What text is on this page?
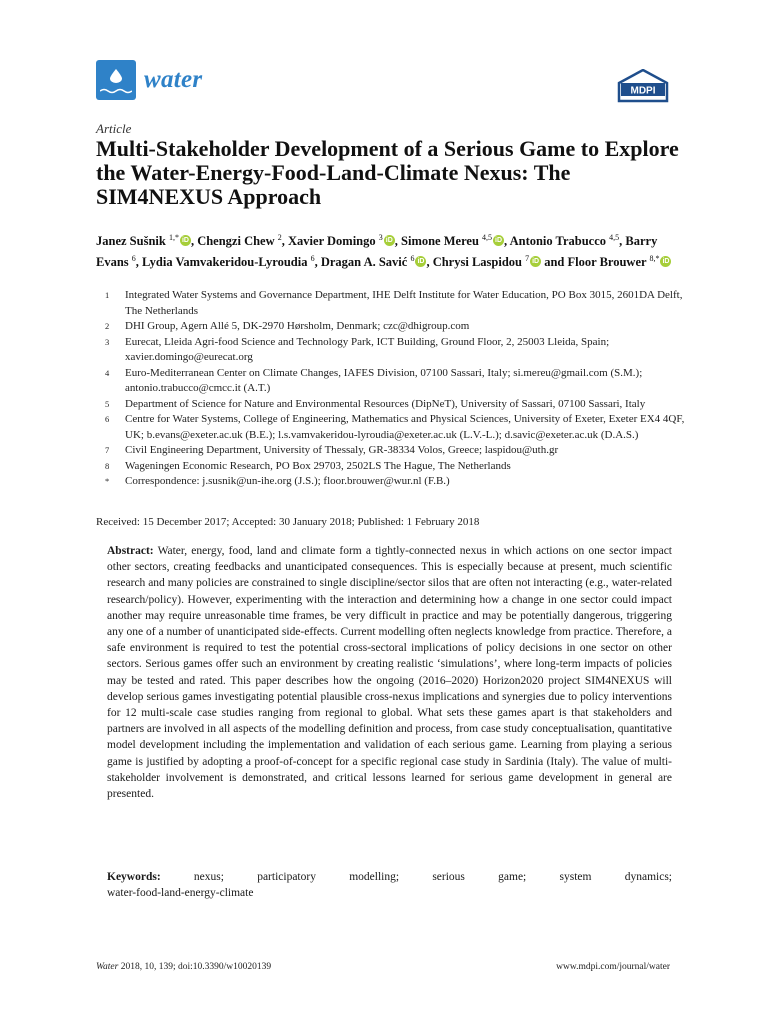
water	MDPI
Article
Multi-Stakeholder Development of a Serious Game to Explore the Water-Energy-Food-Land-Climate Nexus: The SIM4NEXUS Approach
Janez Sušnik $^{1,*}$ iD , Chengzi Chew $^2$, Xavier Domingo $^3$ iD , Simone Mereu $^{4,5}$ iD , Antonio Trabucco $^{4,5}$, Barry Evans $^6$, Lydia Vamvakeridou-Lyroudia $^6$, Dragan A. Savić $^6$ iD , Chrysi Laspidou $^7$ iD and Floor Brouwer $^{8,*}$ iD
1	Integrated Water Systems and Governance Department, IHE Delft Institute for Water Education, PO Box 3015, 2601DA Delft, The Netherlands
2	DHI Group, Agern Allé 5, DK-2970 Hørsholm, Denmark; czc@dhigroup.com
3	Eurecat, Lleida Agri-food Science and Technology Park, ICT Building, Ground Floor, 2, 25003 Lleida, Spain; xavier.domingo@eurecat.org
4	Euro-Mediterranean Center on Climate Changes, IAFES Division, 07100 Sassari, Italy; si.mereu@gmail.com (S.M.); antonio.trabucco@cmcc.it (A.T.)
5	Department of Science for Nature and Environmental Resources (DipNeT), University of Sassari, 07100 Sassari, Italy
6	Centre for Water Systems, College of Engineering, Mathematics and Physical Sciences, University of Exeter, Exeter EX4 4QF, UK; b.evans@exeter.ac.uk (B.E.); l.s.vamvakeridou-lyroudia@exeter.ac.uk (L.V.-L.); d.savic@exeter.ac.uk (D.A.S.)
7	Civil Engineering Department, University of Thessaly, GR-38334 Volos, Greece; laspidou@uth.gr
8	Wageningen Economic Research, PO Box 29703, 2502LS The Hague, The Netherlands
*	Correspondence: j.susnik@un-ihe.org (J.S.); floor.brouwer@wur.nl (F.B.)
Received: 15 December 2017; Accepted: 30 January 2018; Published: 1 February 2018
Abstract: Water, energy, food, land and climate form a tightly-connected nexus in which actions on one sector impact other sectors, creating feedbacks and unanticipated consequences. This is especially because at present, much scientific research and many policies are constrained to single discipline/sector silos that are often not interacting (e.g., water-related research/policy). However, experimenting with the interaction and determining how a change in one sector could impact another may require unreasonable time frames, be very difficult in practice and may be potentially dangerous, triggering any one of a number of unanticipated side-effects. Current modelling often neglects knowledge from practice. Therefore, a safe environment is required to test the potential cross-sectoral implications of policy decisions in one sector on other sectors. Serious games offer such an environment by creating realistic ‘simulations’, where long-term impacts of policies may be tested and rated. This paper describes how the ongoing (2016–2020) Horizon2020 project SIM4NEXUS will develop serious games investigating potential plausible cross-nexus implications and synergies due to policy interventions for 12 multi-scale case studies ranging from regional to global. What sets these games apart is that stakeholders and partners are involved in all aspects of the modelling definition and process, from case study conceptualisation, quantitative model development including the implementation and validation of each serious game. Learning from playing a serious game is justified by adopting a proof-of-concept for a specific regional case study in Sardinia (Italy). The value of multi-stakeholder involvement is demonstrated, and critical lessons learned for serious game development in general are presented.
Keywords:	nexus;	participatory	modelling;	serious	game;	system	dynamics;
water-food-land-energy-climate
Water 2018, 10, 139; doi:10.3390/w10020139	www.mdpi.com/journal/water
